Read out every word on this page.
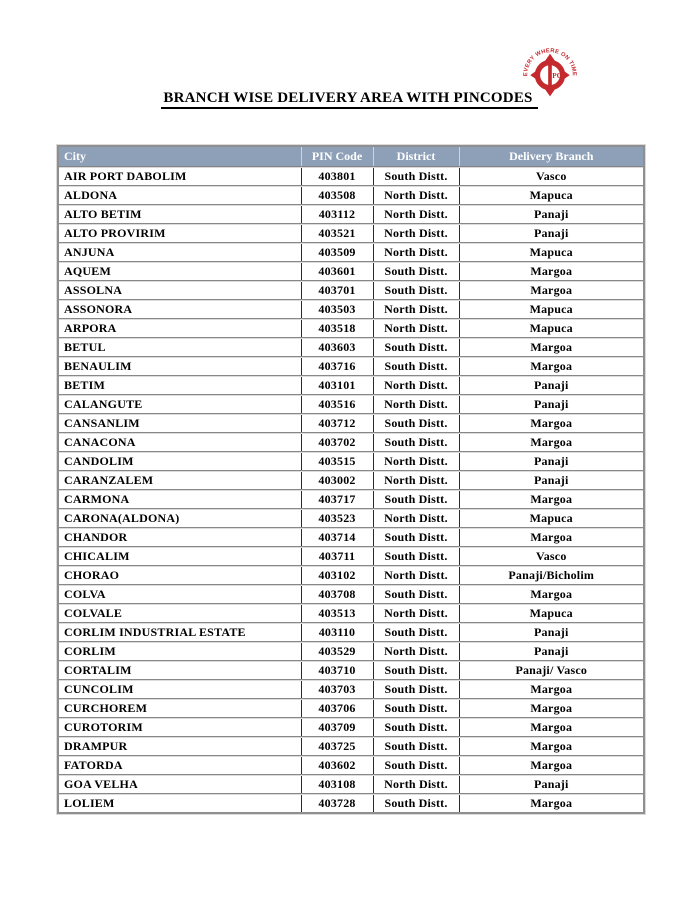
EVERY WHERE ON TIME
PC
BRANCH WISE DELIVERY AREA WITH PINCODES
City	PIN Code	District	Delivery Branch
AIR PORT DABOLIM	403801	South Distt.	Vasco
ALDONA	403508	North Distt.	Mapuca
ALTO BETIM	403112	North Distt.	Panaji
ALTO PROVIRIM	403521	North Distt.	Panaji
ANJUNA	403509	North Distt.	Mapuca
AQUEM	403601	South Distt.	Margoa
ASSOLNA	403701	South Distt.	Margoa
ASSONORA	403503	North Distt.	Mapuca
ARPORA	403518	North Distt.	Mapuca
BETUL	403603	South Distt.	Margoa
BENAULIM	403716	South Distt.	Margoa
BETIM	403101	North Distt.	Panaji
CALANGUTE	403516	North Distt.	Panaji
CANSANLIM	403712	South Distt.	Margoa
CANACONA	403702	South Distt.	Margoa
CANDOLIM	403515	North Distt.	Panaji
CARANZALEM	403002	North Distt.	Panaji
CARMONA	403717	South Distt.	Margoa
CARONA(ALDONA)	403523	North Distt.	Mapuca
CHANDOR	403714	South Distt.	Margoa
CHICALIM	403711	South Distt.	Vasco
CHORAO	403102	North Distt.	Panaji/Bicholim
COLVA	403708	South Distt.	Margoa
COLVALE	403513	North Distt.	Mapuca
CORLIM INDUSTRIAL ESTATE	403110	South Distt.	Panaji
CORLIM	403529	North Distt.	Panaji
CORTALIM	403710	South Distt.	Panaji/ Vasco
CUNCOLIM	403703	South Distt.	Margoa
CURCHOREM	403706	South Distt.	Margoa
CUROTORIM	403709	South Distt.	Margoa
DRAMPUR	403725	South Distt.	Margoa
FATORDA	403602	South Distt.	Margoa
GOA VELHA	403108	North Distt.	Panaji
LOLIEM	403728	South Distt.	Margoa
